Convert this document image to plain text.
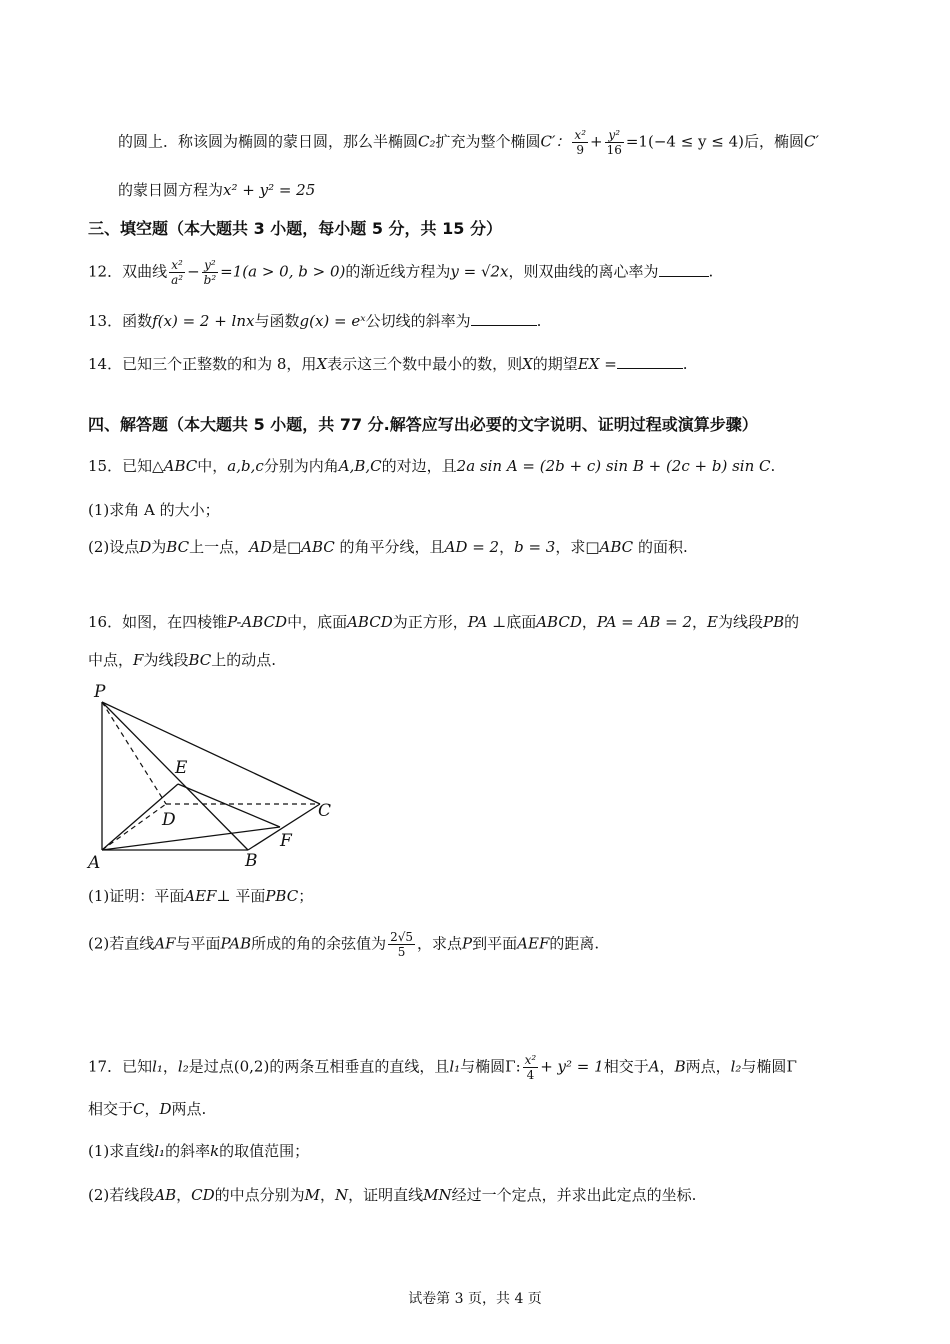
的圆上．称该圆为椭圆的蒙日圆，那么半椭圆C₂扩充为整个椭圆C′： $\frac{\text{x²}}{9} + \frac{\text{y²}}{16} =1(-4 \le y \le 4)$后，椭圆C′
的蒙日圆方程为x² + y² = 25
三、填空题（本大题共 3 小题，每小题 5 分，共 15 分）
12．双曲线 $\frac{\text{x²}}{\text{a²}} - \frac{\text{y²}}{\text{b²}} =1(a > 0$, b > 0)的渐近线方程为y = √2x，则双曲线的离心率为	.
13．函数f(x) = 2 + lnx与函数g(x) = eˣ公切线的斜率为	.
14．已知三个正整数的和为 8，用X表示这三个数中最小的数，则X的期望EX =	.
四、解答题（本大题共 5 小题，共 77 分.解答应写出必要的文字说明、证明过程或演算步骤）
15．已知△ABC中，a,b,c分别为内角A,B,C的对边，且2a sin A = (2b + c) sin B + (2c + b) sin C.
(1)求角 A 的大小；
(2)设点D为BC上一点，AD是□ABC 的角平分线，且AD = 2，b = 3，求□ABC 的面积.
16．如图，在四棱锥P-ABCD中，底面ABCD为正方形，PA ⊥底面ABCD，PA = AB = 2，E为线段PB的
中点，F为线段BC上的动点.
P
E
C
D
F
A	B
(1)证明：平面AEF⊥ 平面PBC；
(2)若直线AF与平面PAB所成的角的余弦值为 $\frac{2√5}{5}$ ，求点P到平面AEF的距离.
17．已知l₁，l₂是过点(0,2)的两条互相垂直的直线，且l₁与椭圆Γ: $\frac{\text{x²}}{4} + y^2 = 1$相交于A，B两点，l₂与椭圆Γ
相交于C，D两点.
(1)求直线l₁的斜率k的取值范围；
(2)若线段AB，CD的中点分别为M，N，证明直线MN经过一个定点，并求出此定点的坐标.
试卷第 3 页，共 4 页
